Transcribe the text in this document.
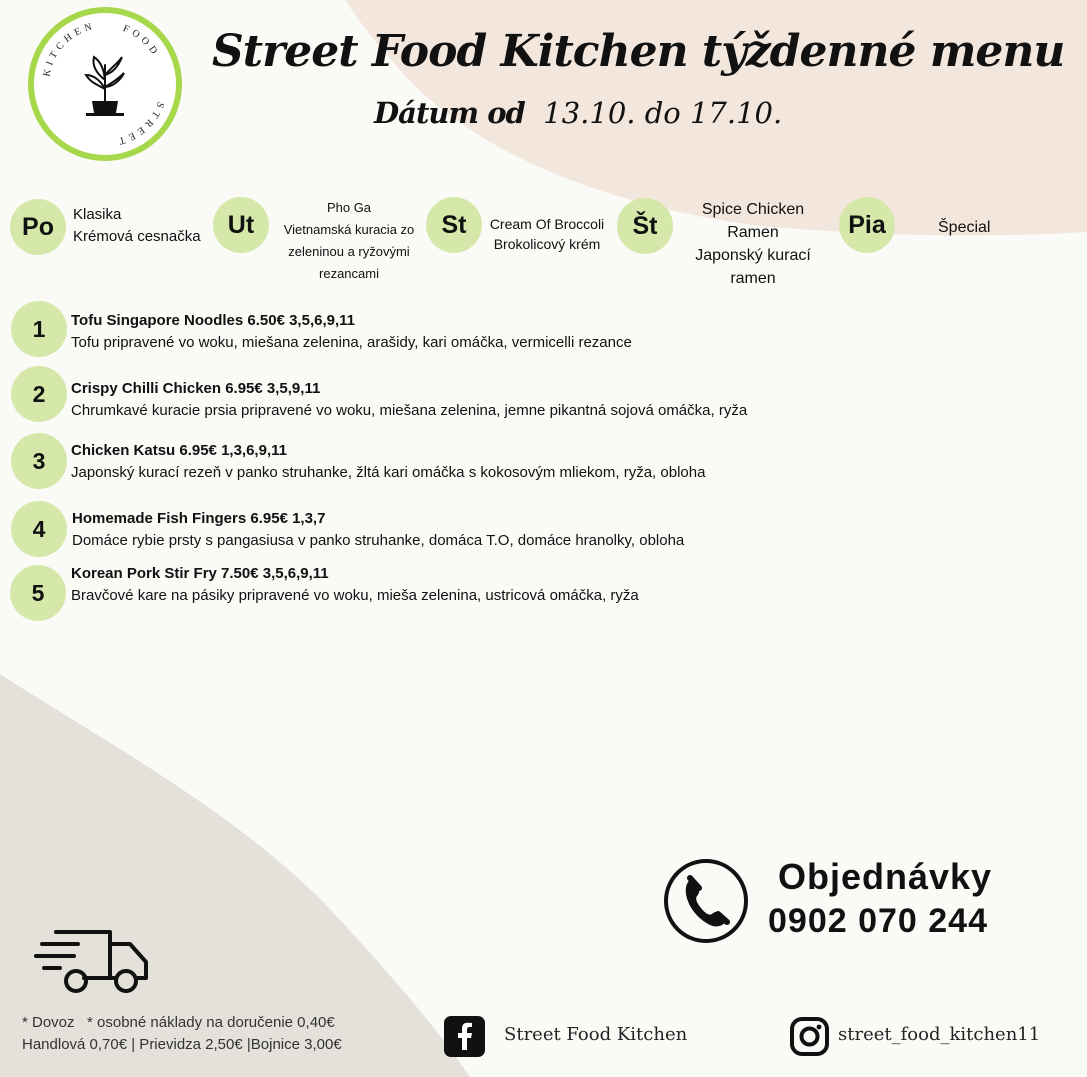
KITCHEN FOOD
STREET
Street Food Kitchen týždenné menu
Dátum od 13.10. do 17.10.
Po	Klasika
Krémová cesnačka	Ut
Pho Ga
Vietnamská kuracia zo
zeleninou a ryžovými
rezancami
St	Cream Of Broccoli
Brokolicový krém
Št
Spice Chicken
Ramen
Japonský kurací
ramen
Pia	Špecial
1	Tofu Singapore Noodles 6.50€ 3,5,6,9,11
Tofu pripravené vo woku, miešana zelenina, arašidy, kari omáčka, vermicelli rezance
2	Crispy Chilli Chicken 6.95€ 3,5,9,11
Chrumkavé kuracie prsia pripravené vo woku, miešana zelenina, jemne pikantná sojová omáčka, ryža
3	Chicken Katsu 6.95€ 1,3,6,9,11
Japonský kurací rezeň v panko struhanke, žltá kari omáčka s kokosovým mliekom, ryža, obloha
4	Homemade Fish Fingers 6.95€ 1,3,7
Domáce rybie prsty s pangasiusa v panko struhanke, domáca T.O, domáce hranolky, obloha
5
Korean Pork Stir Fry 7.50€ 3,5,6,9,11
Bravčové kare na pásiky pripravené vo woku, mieša zelenina, ustricová omáčka, ryža
Objednávky
0902 070 244
* Dovoz   * osobné náklady na doručenie 0,40€
Handlová 0,70€ | Prievidza 2,50€ |Bojnice 3,00€	Street Food Kitchen	street_food_kitchen11
